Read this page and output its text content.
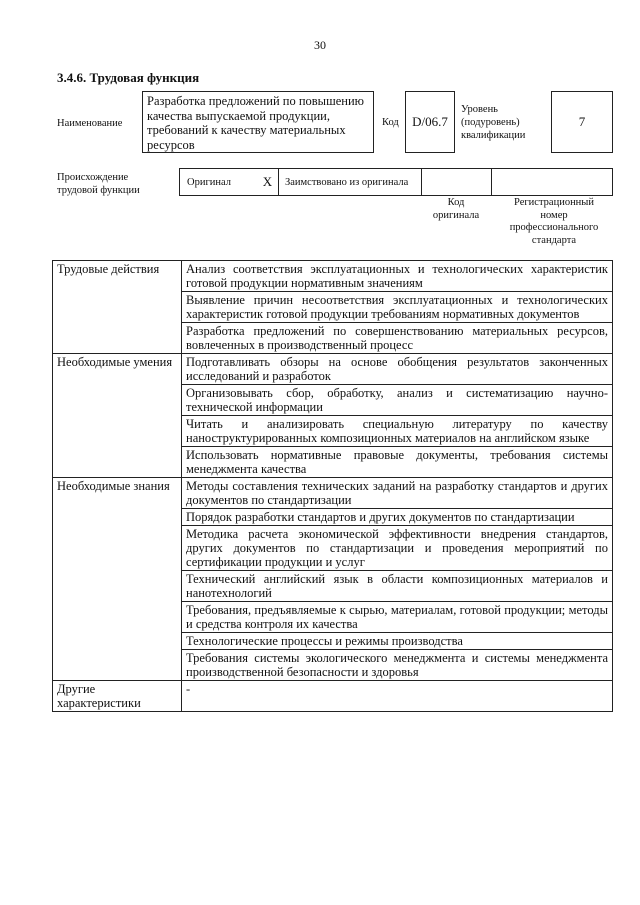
30
3.4.6. Трудовая функция
Наименование
Разработка предложений по повышению качества выпускаемой продукции, требований к качеству материальных ресурсов
Код	D/06.7
Уровень
(подуровень)
квалификации
7
Происхождение
трудовой функции
Оригинал	X	Заимствовано из оригинала
Код
оригинала
Регистрационный
номер
профессионального
стандарта
Трудовые действия	Анализ соответствия эксплуатационных и технологических характеристик готовой продукции нормативным значениям
	Выявление причин несоответствия эксплуатационных и технологических характеристик готовой продукции требованиям нормативных документов
	Разработка предложений по совершенствованию материальных ресурсов, вовлеченных в производственный процесс
Необходимые умения	Подготавливать обзоры на основе обобщения результатов законченных исследований и разработок
	Организовывать сбор, обработку, анализ и систематизацию научно-технической информации
	Читать и анализировать специальную литературу по качеству наноструктурированных композиционных материалов на английском языке
	Использовать нормативные правовые документы, требования системы менеджмента качества
Необходимые знания	Методы составления технических заданий на разработку стандартов и других документов по стандартизации
	Порядок разработки стандартов и других документов по стандартизации
	Методика расчета экономической эффективности внедрения стандартов, других документов по стандартизации и проведения мероприятий по сертификации продукции и услуг
	Технический английский язык в области композиционных материалов и нанотехнологий
	Требования, предъявляемые к сырью, материалам, готовой продукции; методы и средства контроля их качества
	Технологические процессы и режимы производства
	Требования системы экологического менеджмента и системы менеджмента производственной безопасности и здоровья
Другие характеристики	-
